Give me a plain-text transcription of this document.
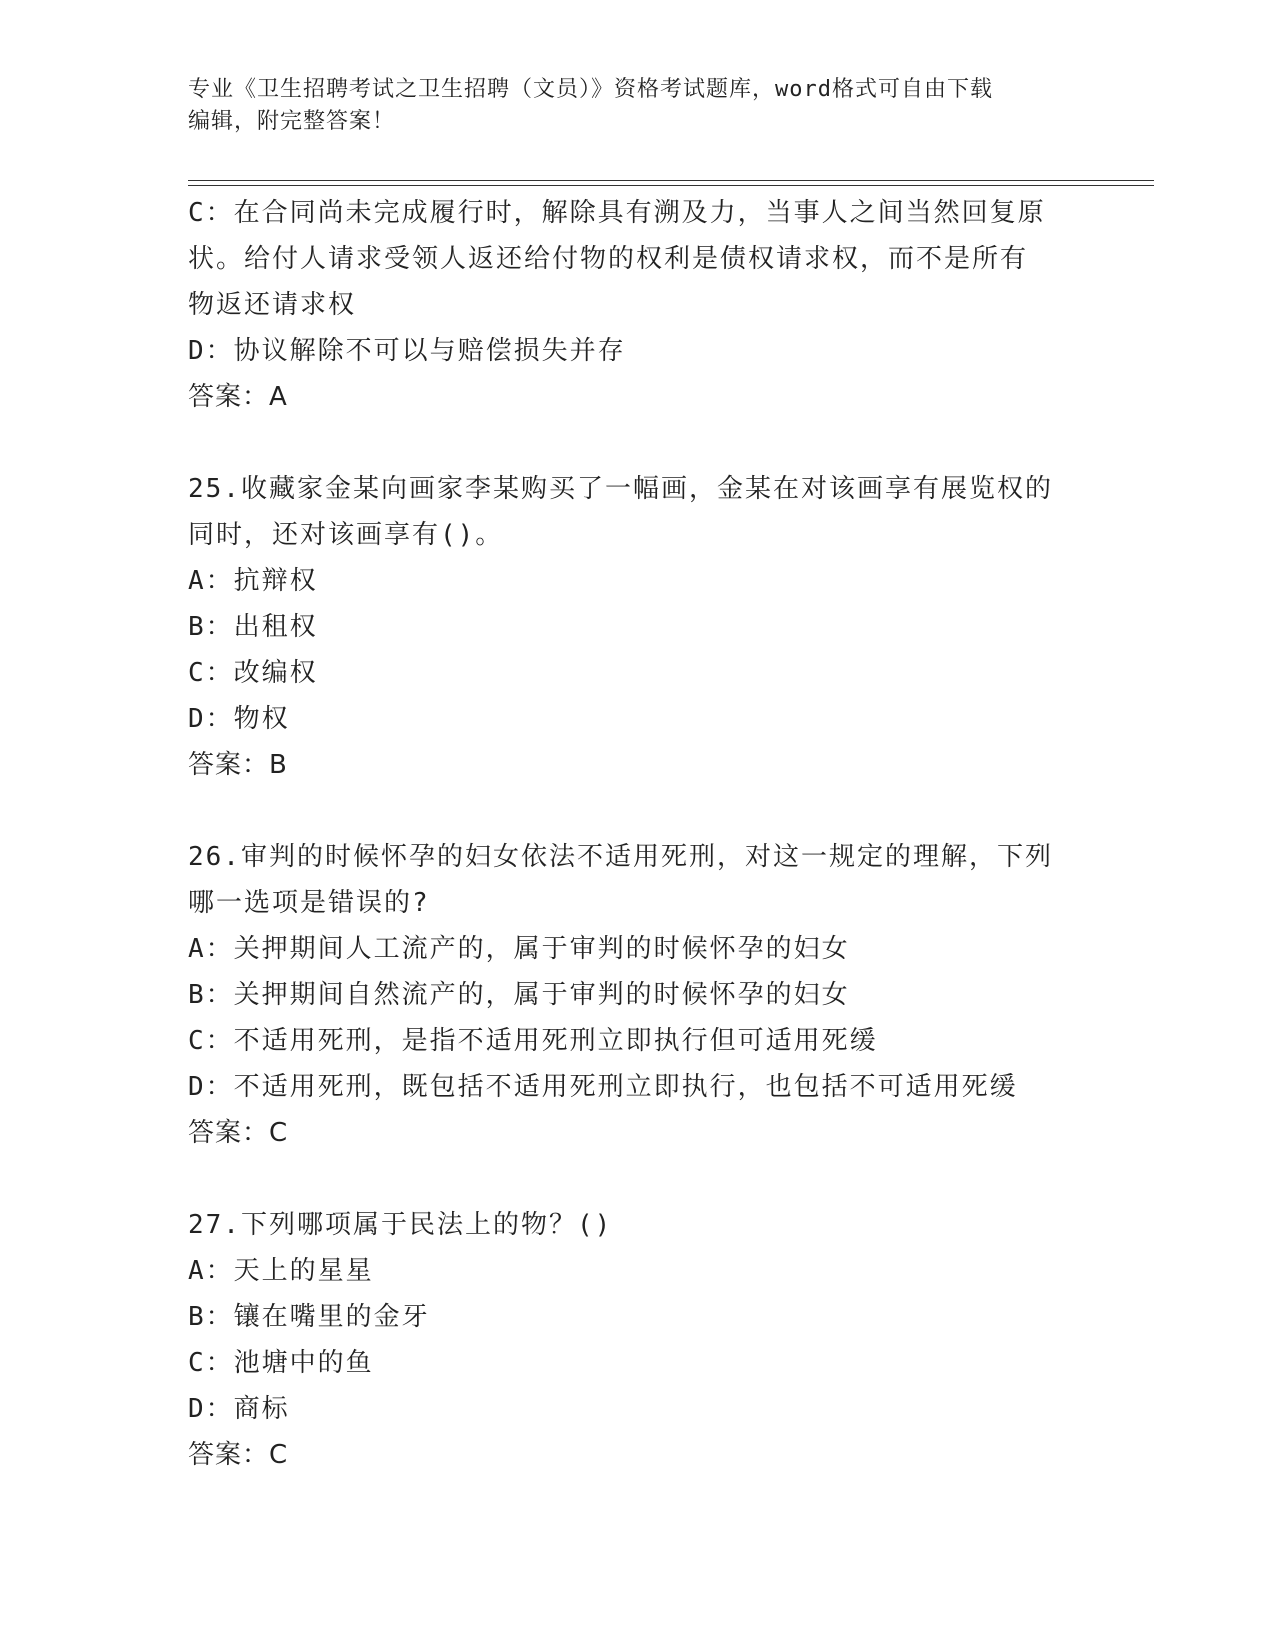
专业《卫生招聘考试之卫生招聘（文员）》资格考试题库，word格式可自由下载
编辑，附完整答案！
C：在合同尚未完成履行时，解除具有溯及力，当事人之间当然回复原
状。给付人请求受领人返还给付物的权利是债权请求权，而不是所有
物返还请求权
D：协议解除不可以与赔偿损失并存
答案：A
25.收藏家金某向画家李某购买了一幅画，金某在对该画享有展览权的
同时，还对该画享有()。
A：抗辩权
B：出租权
C：改编权
D：物权
答案：B
26.审判的时候怀孕的妇女依法不适用死刑，对这一规定的理解，下列
哪一选项是错误的?
A：关押期间人工流产的，属于审判的时候怀孕的妇女
B：关押期间自然流产的，属于审判的时候怀孕的妇女
C：不适用死刑，是指不适用死刑立即执行但可适用死缓
D：不适用死刑，既包括不适用死刑立即执行，也包括不可适用死缓
答案：C
27.下列哪项属于民法上的物？()
A：天上的星星
B：镶在嘴里的金牙
C：池塘中的鱼
D：商标
答案：C
